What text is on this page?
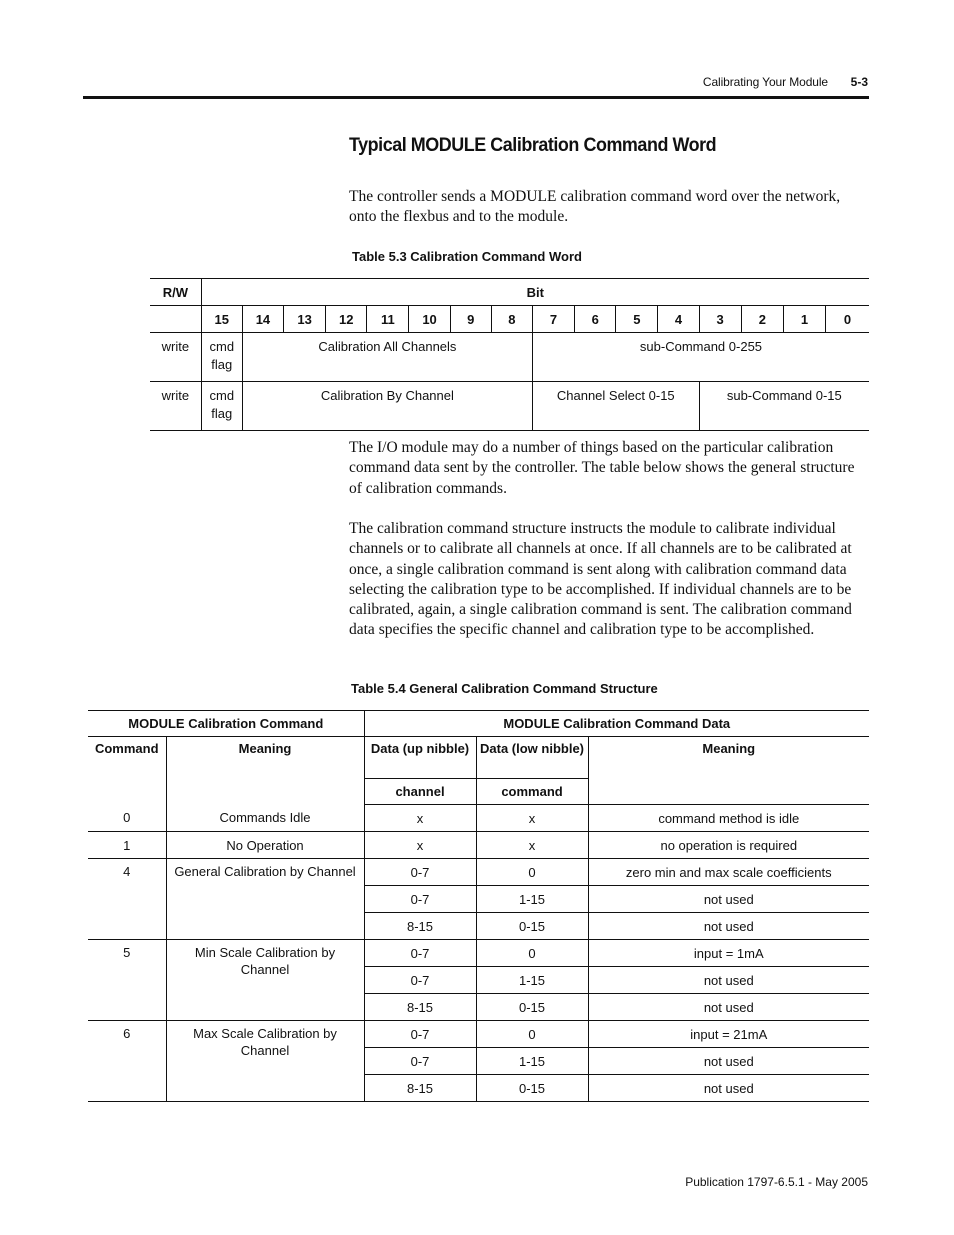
Calibrating Your Module 5-3
Typical MODULE Calibration Command Word

The controller sends a MODULE calibration command word over the network, onto the flexbus and to the module.

Table 5.3 Calibration Command Word
R/W	Bit															
	15	14	13	12	11	10	9	8	7	6	5	4	3	2	1	0
write	cmd flag	Calibration All Channels							sub-Command 0-255							
write	cmd flag	Calibration By Channel							Channel Select 0-15				sub-Command 0-15			

The I/O module may do a number of things based on the particular calibration command data sent by the controller. The table below shows the general structure of calibration commands.

The calibration command structure instructs the module to calibrate individual channels or to calibrate all channels at once. If all channels are to be calibrated at once, a single calibration command is sent along with calibration command data selecting the calibration type to be accomplished. If individual channels are to be calibrated, again, a single calibration command is sent. The calibration command data specifies the specific channel and calibration type to be accomplished.

Table 5.4 General Calibration Command Structure
MODULE Calibration Command		MODULE Calibration Command Data		
Command	Meaning	Data (up nibble)	Data (low nibble)	Meaning
		channel	command	
0	Commands Idle	x	x	command method is idle
1	No Operation	x	x	no operation is required
4	General Calibration by Channel	0-7	0	zero min and max scale coefficients
		0-7	1-15	not used
		8-15	0-15	not used
5	Min Scale Calibration by Channel	0-7	0	input = 1mA
		0-7	1-15	not used
		8-15	0-15	not used
6	Max Scale Calibration by Channel	0-7	0	input = 21mA
		0-7	1-15	not used
		8-15	0-15	not used
Publication 1797-6.5.1 - May 2005
